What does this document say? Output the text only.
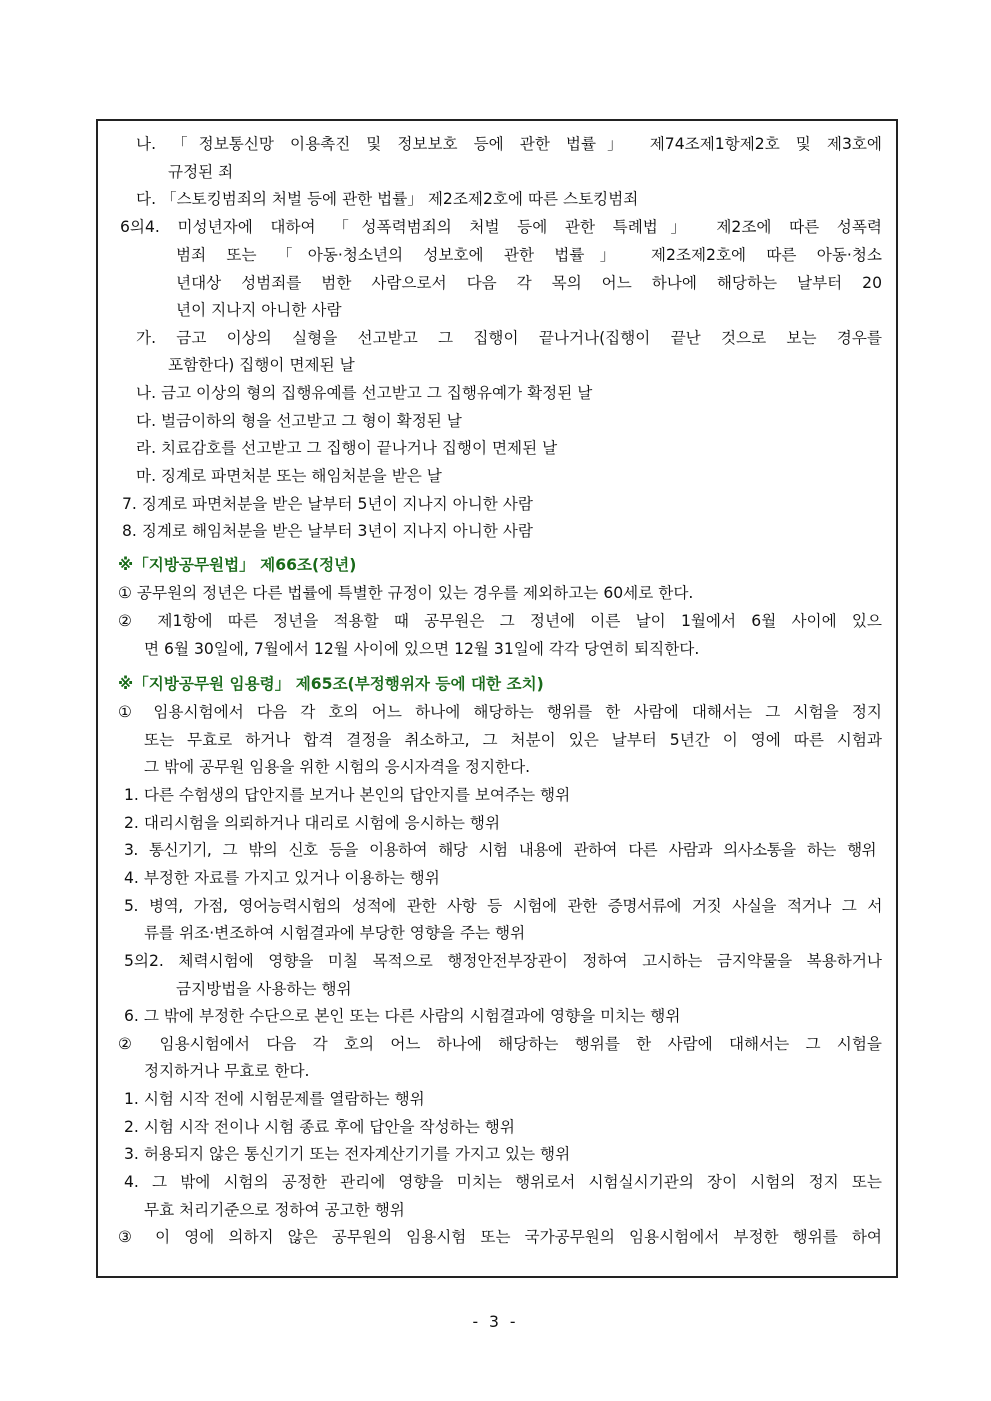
나. 「정보통신망 이용촉진 및 정보보호 등에 관한 법률」 제74조제1항제2호 및 제3호에
규정된 죄
다. 「스토킹범죄의 처벌 등에 관한 법률」 제2조제2호에 따른 스토킹범죄
6의4. 미성년자에 대하여 「성폭력범죄의 처벌 등에 관한 특례법」 제2조에 따른 성폭력
범죄 또는 「아동·청소년의 성보호에 관한 법률」 제2조제2호에 따른 아동·청소
년대상 성범죄를 범한 사람으로서 다음 각 목의 어느 하나에 해당하는 날부터 20
년이 지나지 아니한 사람
가. 금고 이상의 실형을 선고받고 그 집행이 끝나거나(집행이 끝난 것으로 보는 경우를
포함한다) 집행이 면제된 날
나. 금고 이상의 형의 집행유예를 선고받고 그 집행유예가 확정된 날
다. 벌금이하의 형을 선고받고 그 형이 확정된 날
라. 치료감호를 선고받고 그 집행이 끝나거나 집행이 면제된 날
마. 징계로 파면처분 또는 해임처분을 받은 날
7. 징계로 파면처분을 받은 날부터 5년이 지나지 아니한 사람
8. 징계로 해임처분을 받은 날부터 3년이 지나지 아니한 사람
※「지방공무원법」 제66조(정년)
① 공무원의 정년은 다른 법률에 특별한 규정이 있는 경우를 제외하고는 60세로 한다.
② 제1항에 따른 정년을 적용할 때 공무원은 그 정년에 이른 날이 1월에서 6월 사이에 있으
면 6월 30일에, 7월에서 12월 사이에 있으면 12월 31일에 각각 당연히 퇴직한다.
※「지방공무원 임용령」 제65조(부정행위자 등에 대한 조치)
① 임용시험에서 다음 각 호의 어느 하나에 해당하는 행위를 한 사람에 대해서는 그 시험을 정지
또는 무효로 하거나 합격 결정을 취소하고, 그 처분이 있은 날부터 5년간 이 영에 따른 시험과
그 밖에 공무원 임용을 위한 시험의 응시자격을 정지한다.
1. 다른 수험생의 답안지를 보거나 본인의 답안지를 보여주는 행위
2. 대리시험을 의뢰하거나 대리로 시험에 응시하는 행위
3. 통신기기, 그 밖의 신호 등을 이용하여 해당 시험 내용에 관하여 다른 사람과 의사소통을 하는 행위
4. 부정한 자료를 가지고 있거나 이용하는 행위
5. 병역, 가점, 영어능력시험의 성적에 관한 사항 등 시험에 관한 증명서류에 거짓 사실을 적거나 그 서
류를 위조·변조하여 시험결과에 부당한 영향을 주는 행위
5의2. 체력시험에 영향을 미칠 목적으로 행정안전부장관이 정하여 고시하는 금지약물을 복용하거나
금지방법을 사용하는 행위
6. 그 밖에 부정한 수단으로 본인 또는 다른 사람의 시험결과에 영향을 미치는 행위
② 임용시험에서 다음 각 호의 어느 하나에 해당하는 행위를 한 사람에 대해서는 그 시험을
정지하거나 무효로 한다.
1. 시험 시작 전에 시험문제를 열람하는 행위
2. 시험 시작 전이나 시험 종료 후에 답안을 작성하는 행위
3. 허용되지 않은 통신기기 또는 전자계산기기를 가지고 있는 행위
4. 그 밖에 시험의 공정한 관리에 영향을 미치는 행위로서 시험실시기관의 장이 시험의 정지 또는
무효 처리기준으로 정하여 공고한 행위
③ 이 영에 의하지 않은 공무원의 임용시험 또는 국가공무원의 임용시험에서 부정한 행위를 하여
- 3 -
